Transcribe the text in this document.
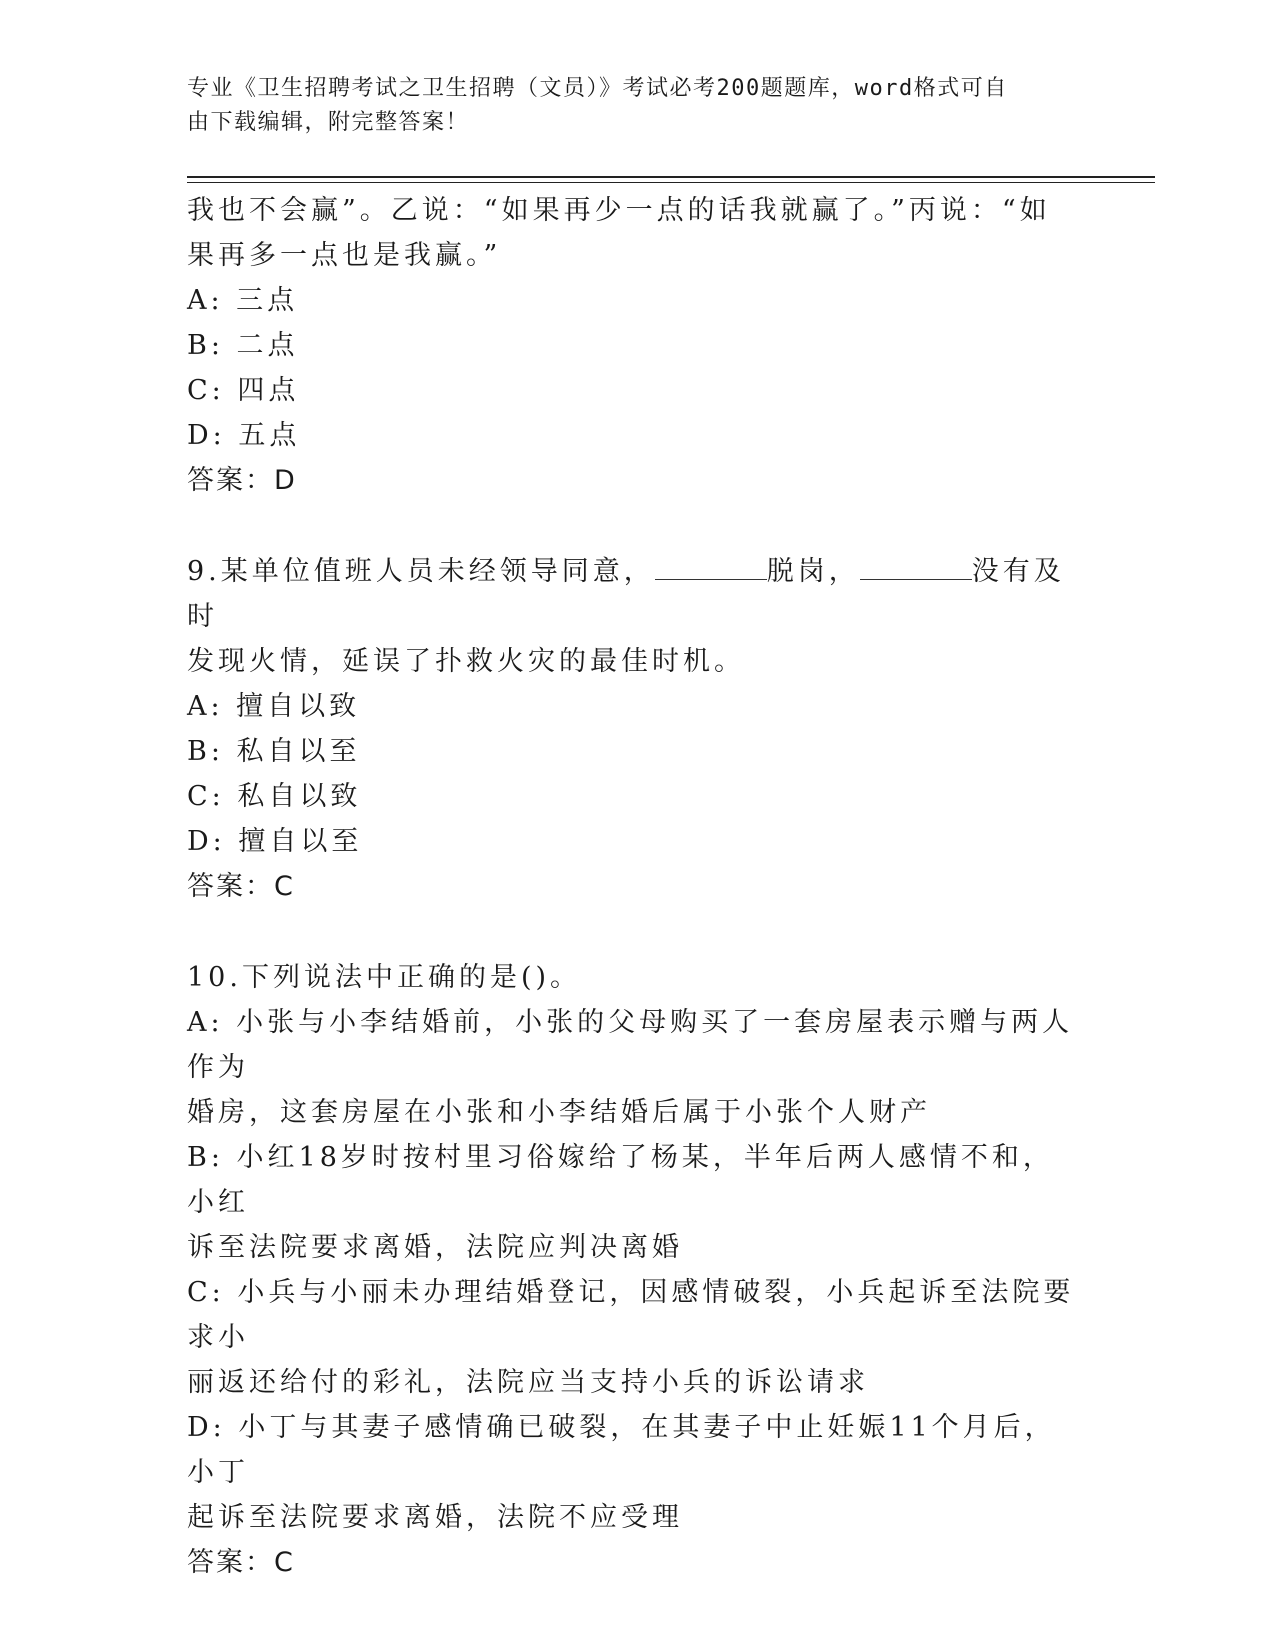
专业《卫生招聘考试之卫生招聘（文员）》考试必考200题题库，word格式可自
由下载编辑，附完整答案！

我也不会赢”。乙说：“如果再少一点的话我就赢了。”丙说：“如

果再多一点也是我赢。”

A: 三点

B: 二点

C: 四点

D: 五点

答案：D

9.某单位值班人员未经领导同意，	脱岗，	没有及时

发现火情，延误了扑救火灾的最佳时机。

A: 擅自以致

B: 私自以至

C: 私自以致

D: 擅自以至

答案：C

10.下列说法中正确的是()。

A: 小张与小李结婚前，小张的父母购买了一套房屋表示赠与两人作为

婚房，这套房屋在小张和小李结婚后属于小张个人财产

B: 小红18岁时按村里习俗嫁给了杨某，半年后两人感情不和，小红

诉至法院要求离婚，法院应判决离婚

C: 小兵与小丽未办理结婚登记，因感情破裂，小兵起诉至法院要求小

丽返还给付的彩礼，法院应当支持小兵的诉讼请求

D: 小丁与其妻子感情确已破裂，在其妻子中止妊娠11个月后，小丁

起诉至法院要求离婚，法院不应受理

答案：C
